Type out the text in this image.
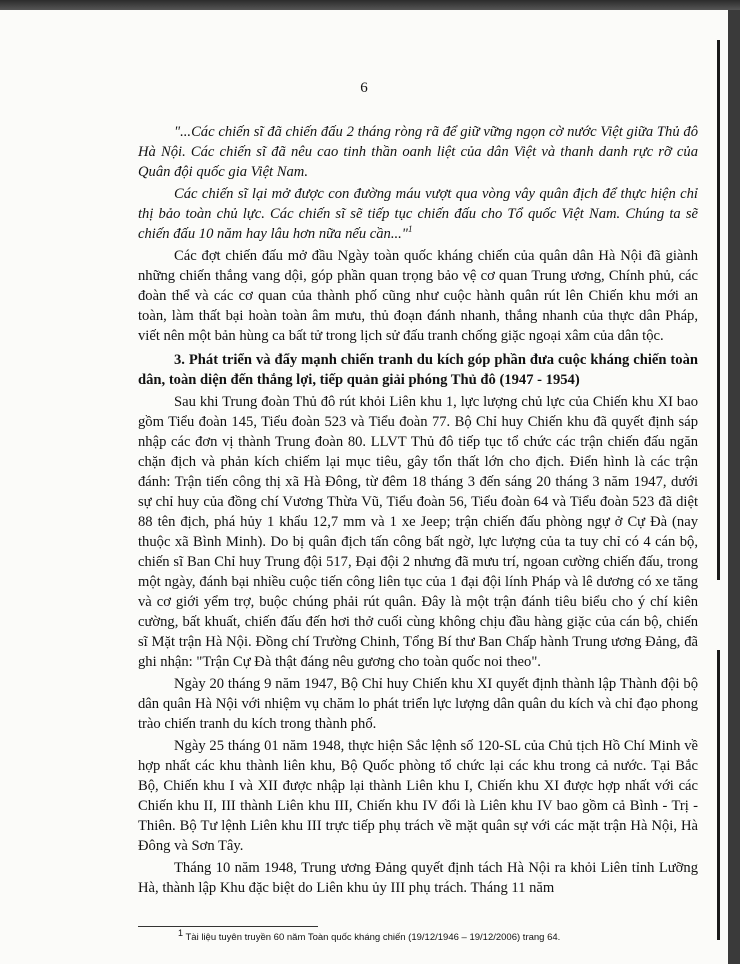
6

"...Các chiến sĩ đã chiến đấu 2 tháng ròng rã để giữ vững ngọn cờ nước Việt giữa Thủ đô Hà Nội. Các chiến sĩ đã nêu cao tinh thần oanh liệt của dân Việt và thanh danh rực rỡ của Quân đội quốc gia Việt Nam.

Các chiến sĩ lại mở được con đường máu vượt qua vòng vây quân địch để thực hiện chỉ thị bảo toàn chủ lực. Các chiến sĩ sẽ tiếp tục chiến đấu cho Tổ quốc Việt Nam. Chúng ta sẽ chiến đấu 10 năm hay lâu hơn nữa nếu cần..."$^1$

Các đợt chiến đấu mở đầu Ngày toàn quốc kháng chiến của quân dân Hà Nội đã giành những chiến thắng vang dội, góp phần quan trọng bảo vệ cơ quan Trung ương, Chính phủ, các đoàn thể và các cơ quan của thành phố cũng như cuộc hành quân rút lên Chiến khu mới an toàn, làm thất bại hoàn toàn âm mưu, thủ đoạn đánh nhanh, thắng nhanh của thực dân Pháp, viết nên một bản hùng ca bất tử trong lịch sử đấu tranh chống giặc ngoại xâm của dân tộc.

3. Phát triển và đẩy mạnh chiến tranh du kích góp phần đưa cuộc kháng chiến toàn dân, toàn diện đến thắng lợi, tiếp quản giải phóng Thủ đô (1947 - 1954)

Sau khi Trung đoàn Thủ đô rút khỏi Liên khu 1, lực lượng chủ lực của Chiến khu XI bao gồm Tiểu đoàn 145, Tiểu đoàn 523 và Tiểu đoàn 77. Bộ Chỉ huy Chiến khu đã quyết định sáp nhập các đơn vị thành Trung đoàn 80. LLVT Thủ đô tiếp tục tổ chức các trận chiến đấu ngăn chặn địch và phản kích chiếm lại mục tiêu, gây tổn thất lớn cho địch. Điển hình là các trận đánh: Trận tiến công thị xã Hà Đông, từ đêm 18 tháng 3 đến sáng 20 tháng 3 năm 1947, dưới sự chỉ huy của đồng chí Vương Thừa Vũ, Tiểu đoàn 56, Tiểu đoàn 64 và Tiểu đoàn 523 đã diệt 88 tên địch, phá hủy 1 khẩu 12,7 mm và 1 xe Jeep; trận chiến đấu phòng ngự ở Cự Đà (nay thuộc xã Bình Minh). Do bị quân địch tấn công bất ngờ, lực lượng của ta tuy chỉ có 4 cán bộ, chiến sĩ Ban Chỉ huy Trung đội 517, Đại đội 2 nhưng đã mưu trí, ngoan cường chiến đấu, trong một ngày, đánh bại nhiều cuộc tiến công liên tục của 1 đại đội lính Pháp và lê dương có xe tăng và cơ giới yểm trợ, buộc chúng phải rút quân. Đây là một trận đánh tiêu biểu cho ý chí kiên cường, bất khuất, chiến đấu đến hơi thở cuối cùng không chịu đầu hàng giặc của cán bộ, chiến sĩ Mặt trận Hà Nội. Đồng chí Trường Chinh, Tổng Bí thư Ban Chấp hành Trung ương Đảng, đã ghi nhận: "Trận Cự Đà thật đáng nêu gương cho toàn quốc noi theo".

Ngày 20 tháng 9 năm 1947, Bộ Chỉ huy Chiến khu XI quyết định thành lập Thành đội bộ dân quân Hà Nội với nhiệm vụ chăm lo phát triển lực lượng dân quân du kích và chỉ đạo phong trào chiến tranh du kích trong thành phố.

Ngày 25 tháng 01 năm 1948, thực hiện Sắc lệnh số 120-SL của Chủ tịch Hồ Chí Minh về hợp nhất các khu thành liên khu, Bộ Quốc phòng tổ chức lại các khu trong cả nước. Tại Bắc Bộ, Chiến khu I và XII được nhập lại thành Liên khu I, Chiến khu XI được hợp nhất với các Chiến khu II, III thành Liên khu III, Chiến khu IV đổi là Liên khu IV bao gồm cả Bình - Trị - Thiên. Bộ Tư lệnh Liên khu III trực tiếp phụ trách về mặt quân sự với các mặt trận Hà Nội, Hà Đông và Sơn Tây.

Tháng 10 năm 1948, Trung ương Đảng quyết định tách Hà Nội ra khỏi Liên tỉnh Lưỡng Hà, thành lập Khu đặc biệt do Liên khu ủy III phụ trách. Tháng 11 năm

$^1$ Tài liệu tuyên truyền 60 năm Toàn quốc kháng chiến (19/12/1946 – 19/12/2006) trang 64.
